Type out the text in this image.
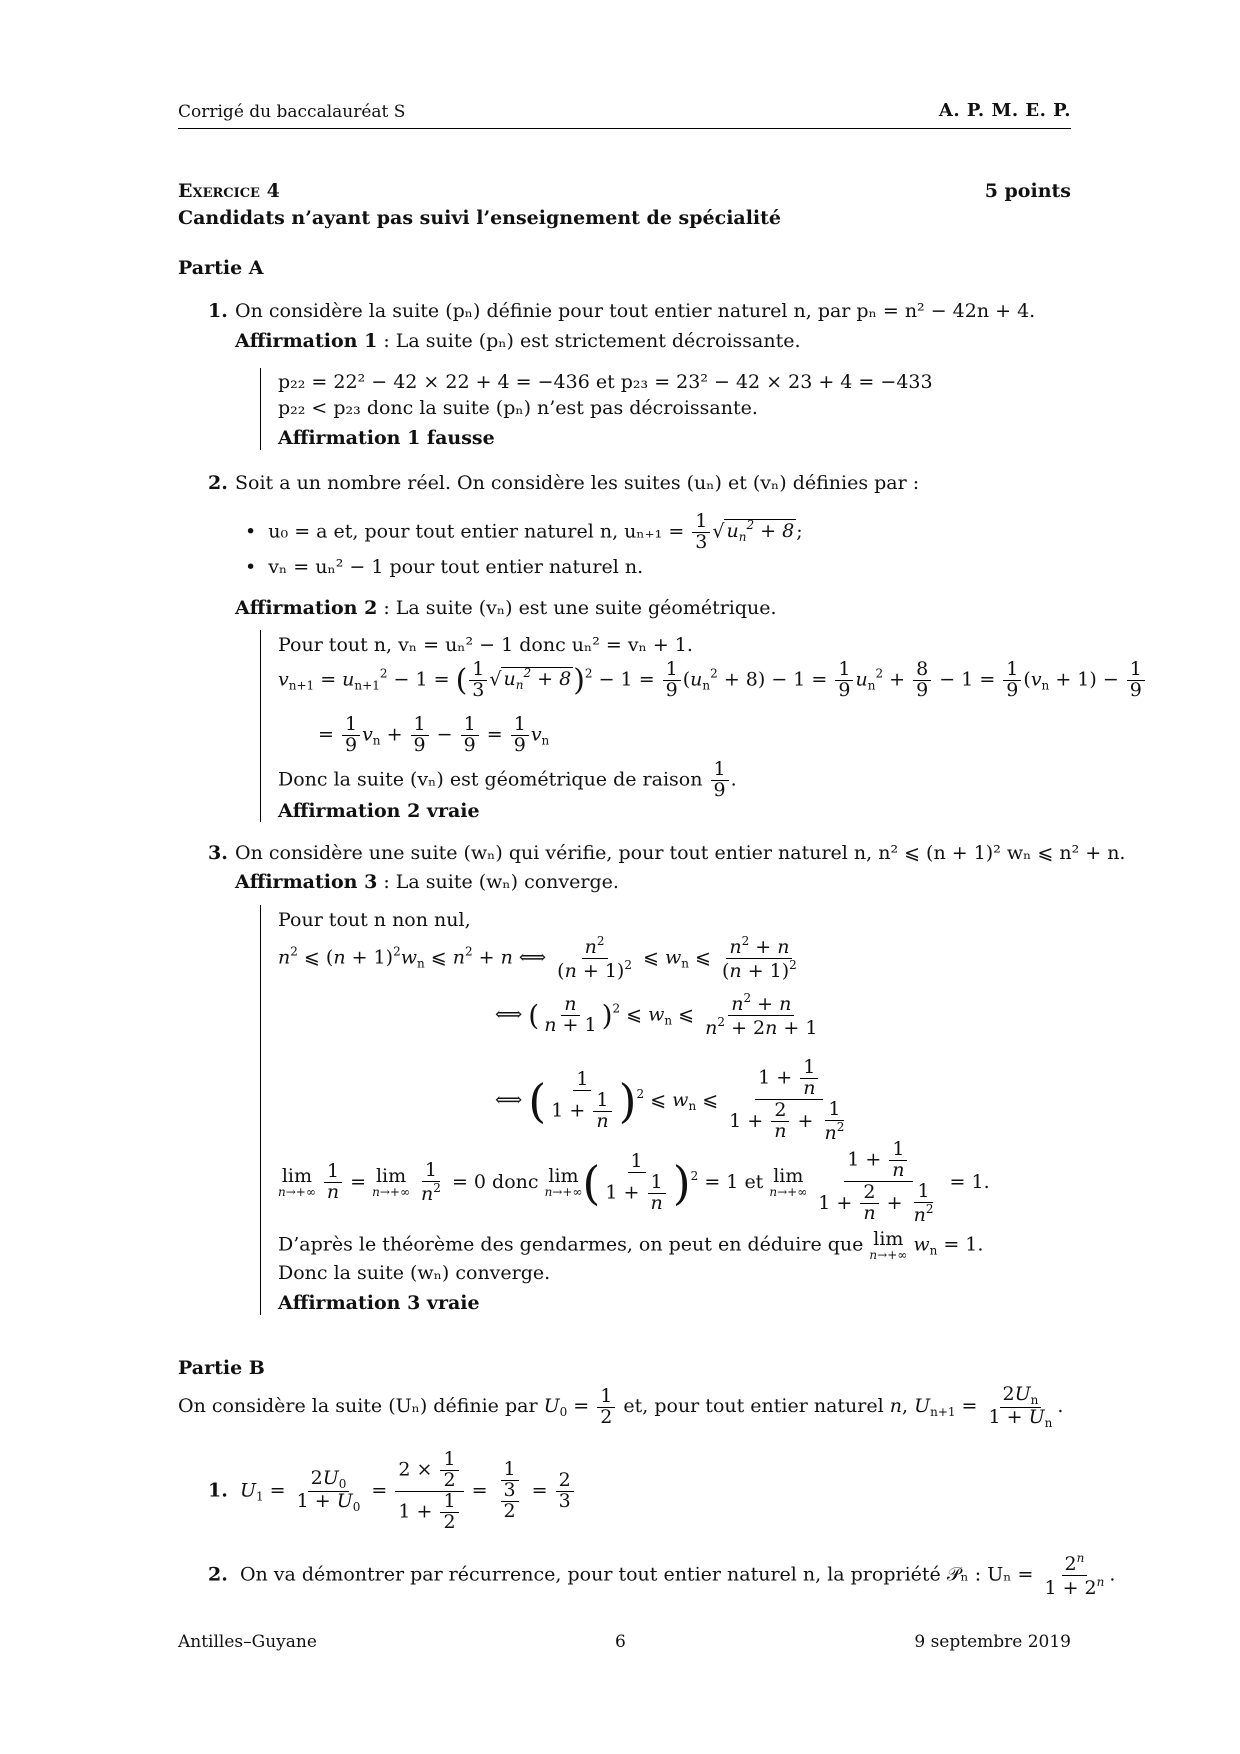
Corrigé du baccalauréat S	A. P. M. E. P.
Exercice 4	5 points
Candidats n’ayant pas suivi l’enseignement de spécialité
Partie A
1. On considère la suite (pₙ) définie pour tout entier naturel n, par pₙ = n² − 42n + 4.
Affirmation 1 : La suite (pₙ) est strictement décroissante.
p₂₂ = 22² − 42 × 22 + 4 = −436 et p₂₃ = 23² − 42 × 23 + 4 = −433
p₂₂ < p₂₃ donc la suite (pₙ) n’est pas décroissante.
Affirmation 1 fausse
2. Soit a un nombre réel. On considère les suites (uₙ) et (vₙ) définies par :
•  u₀ = a et, pour tout entier naturel n, $u_{n+1} = \frac{1}{3}$ √ $u_n^2 + 8$ ;
•  vₙ = uₙ² − 1 pour tout entier naturel n.
Affirmation 2 : La suite (vₙ) est une suite géométrique.
Pour tout n, vₙ = uₙ² − 1 donc uₙ² = vₙ + 1.
$v_{n+1} = u_{n+1}^2 - 1$ = ( $\frac{1}{3}$ √ $u_n^2 + 8)^2 - 1 = \frac{1}{9} (u_n^2 + 8) - 1 = \frac{1}{9} u_n^2 + \frac{8}{9} - 1 = \frac{1}{9} (v_n + 1) - \frac{1}{9}$
= $\frac{1}{9} v_n + \frac{1}{9} - \frac{1}{9} = \frac{1}{9} v_n$
Donc la suite (vₙ) est géométrique de raison $\frac{1}{9}$ .
Affirmation 2 vraie
3. On considère une suite (wₙ) qui vérifie, pour tout entier naturel n, n² ⩽ (n + 1)² wₙ ⩽ n² + n.
Affirmation 3 : La suite (wₙ) converge.
Pour tout n non nul,
$n^2$ ⩽ $(n + 1)^2w_n$ ⩽ $n^2 + n$ ⟺ $\frac{n^2}{(n + 1)^2}$ ⩽ $w_n$ ⩽ $\frac{n^2 + n}{(n + 1)^2}$
⟺ ( $\frac{n}{n + 1} )^2$ ⩽ $w_n$ ⩽ $\frac{n^2 + n}{n^2 + 2n + 1}$
⟺ ( $\frac{1}{1 + \frac{1}{n}} )^2$ ⩽ $w_n$ ⩽ $\frac{1 + \frac{1}{n}}{1 + \frac{2}{n} + \frac{1}{n^2}}$
lim
n→+∞
$\frac{1}{n} = \lim$
n→+∞
$\frac{1}{n^2} = 0$ donc lim
n→+∞ ( $\frac{1}{1 + \frac{1}{n}} )^2 = 1$ et lim
n→+∞
$\frac{1 + \frac{1}{n}}{1 + \frac{2}{n} + \frac{1}{n^2}} = 1$.
D’après le théorème des gendarmes, on peut en déduire que lim
n→+∞ $w_n = 1$.
Donc la suite (wₙ) converge.
Affirmation 3 vraie
Partie B
On considère la suite (Uₙ) définie par $U_0 = \frac{1}{2}$ et, pour tout entier naturel n, $U_{n+1} = \frac{2U_n}{1 + U_n}$ .
1. $U_1 = \frac{2U_0}{1 + U_0} = \frac{2 \times \frac{1}{2}}{1 + \frac{1}{2}} = \frac{1}{\frac{3}{2}} = \frac{2}{3}$
2. On va démontrer par récurrence, pour tout entier naturel n, la propriété 𝒫ₙ : $U_n = \frac{2^n}{1 + 2^n}$ .
Antilles–Guyane	6	9 septembre 2019
